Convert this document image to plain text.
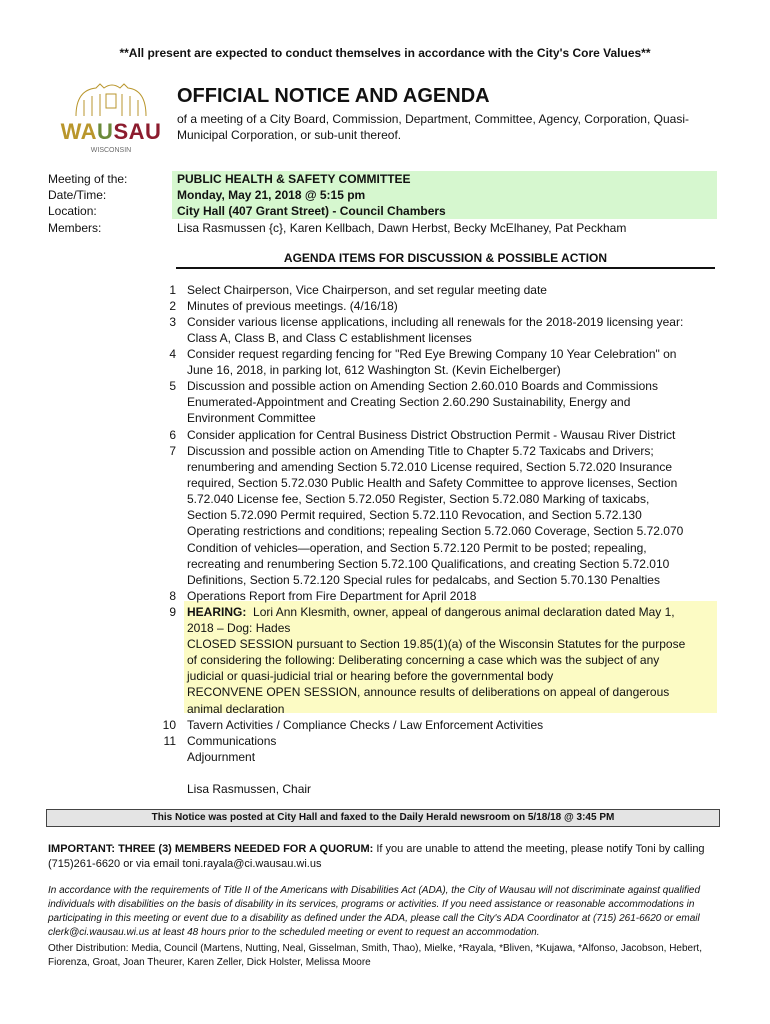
**All present are expected to conduct themselves in accordance with the City's Core Values**
WAUSAU
WISCONSIN
OFFICIAL NOTICE AND AGENDA
of a meeting of a City Board, Commission, Department, Committee, Agency, Corporation, Quasi-Municipal Corporation, or sub-unit thereof.
Meeting of the:	PUBLIC HEALTH & SAFETY COMMITTEE
Date/Time:	Monday, May 21, 2018 @ 5:15 pm
Location:	City Hall (407 Grant Street) - Council Chambers
Members:	Lisa Rasmussen {c}, Karen Kellbach, Dawn Herbst, Becky McElhaney, Pat Peckham
AGENDA ITEMS FOR DISCUSSION & POSSIBLE ACTION
1 Select Chairperson, Vice Chairperson, and set regular meeting date
2 Minutes of previous meetings. (4/16/18)
3 Consider various license applications, including all renewals for the 2018-2019 licensing year:
Class A, Class B, and Class C establishment licenses
4 Consider request regarding fencing for "Red Eye Brewing Company 10 Year Celebration" on
June 16, 2018, in parking lot, 612 Washington St. (Kevin Eichelberger)
5 Discussion and possible action on Amending Section 2.60.010 Boards and Commissions
Enumerated-Appointment and Creating Section 2.60.290 Sustainability, Energy and
Environment Committee
6 Consider application for Central Business District Obstruction Permit - Wausau River District
7 Discussion and possible action on Amending Title to Chapter 5.72 Taxicabs and Drivers;
renumbering and amending Section 5.72.010 License required, Section 5.72.020 Insurance
required, Section 5.72.030 Public Health and Safety Committee to approve licenses, Section
5.72.040 License fee, Section 5.72.050 Register, Section 5.72.080 Marking of taxicabs,
Section 5.72.090 Permit required, Section 5.72.110 Revocation, and Section 5.72.130
Operating restrictions and conditions; repealing Section 5.72.060 Coverage, Section 5.72.070
Condition of vehicles—operation, and Section 5.72.120 Permit to be posted; repealing,
recreating and renumbering Section 5.72.100 Qualifications, and creating Section 5.72.010
Definitions, Section 5.72.120 Special rules for pedalcabs, and Section 5.70.130 Penalties
8 Operations Report from Fire Department for April 2018
9 HEARING: Lori Ann Klesmith, owner, appeal of dangerous animal declaration dated May 1,
2018 – Dog: Hades
CLOSED SESSION pursuant to Section 19.85(1)(a) of the Wisconsin Statutes for the purpose
of considering the following: Deliberating concerning a case which was the subject of any
judicial or quasi-judicial trial or hearing before the governmental body
RECONVENE OPEN SESSION, announce results of deliberations on appeal of dangerous
animal declaration
10 Tavern Activities / Compliance Checks / Law Enforcement Activities
11 Communications
Adjournment
Lisa Rasmussen, Chair
This Notice was posted at City Hall and faxed to the Daily Herald newsroom on 5/18/18 @ 3:45 PM
IMPORTANT: THREE (3) MEMBERS NEEDED FOR A QUORUM: If you are unable to attend the meeting, please notify Toni by calling (715)261-6620 or via email toni.rayala@ci.wausau.wi.us
In accordance with the requirements of Title II of the Americans with Disabilities Act (ADA), the City of Wausau will not discriminate against qualified individuals with disabilities on the basis of disability in its services, programs or activities. If you need assistance or reasonable accommodations in participating in this meeting or event due to a disability as defined under the ADA, please call the City's ADA Coordinator at (715) 261-6620 or email clerk@ci.wausau.wi.us at least 48 hours prior to the scheduled meeting or event to request an accommodation.
Other Distribution: Media, Council (Martens, Nutting, Neal, Gisselman, Smith, Thao), Mielke, *Rayala, *Bliven, *Kujawa, *Alfonso, Jacobson, Hebert, Fiorenza, Groat, Joan Theurer, Karen Zeller, Dick Holster, Melissa Moore
